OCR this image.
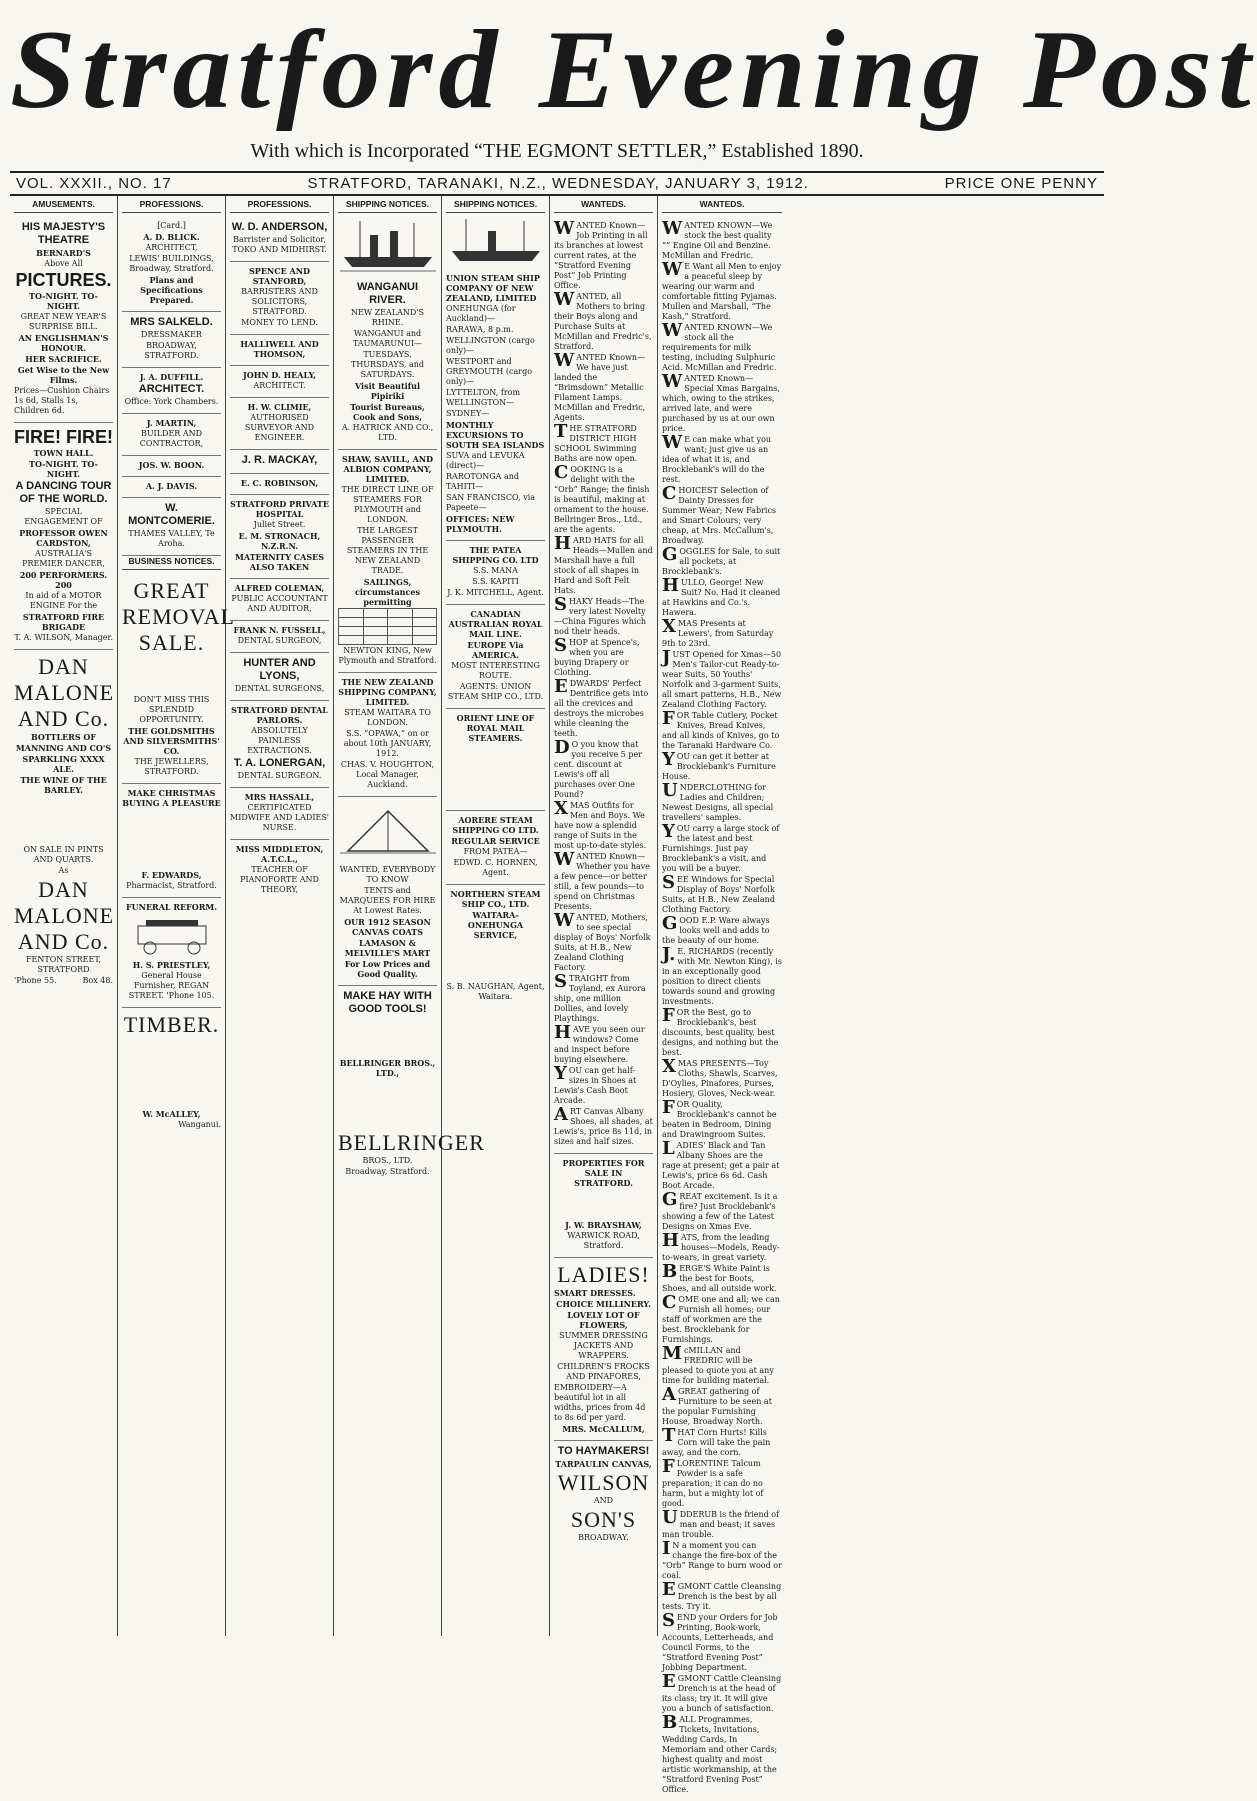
Stratford Evening Post
With which is Incorporated “THE EGMONT SETTLER,” Established 1890.
VOL. XXXII., NO. 17	STRATFORD, TARANAKI, N.Z., WEDNESDAY, JANUARY 3, 1912.	PRICE ONE PENNY
AMUSEMENTS.

HIS MAJESTY'S THEATRE

BERNARD'S

Above All

PICTURES.

TO-NIGHT. TO-NIGHT.

GREAT NEW YEAR'S SURPRISE BILL.

AN ENGLISHMAN'S HONOUR.

HER SACRIFICE.

Get Wise to the New Films.

Prices—Cushion Chairs 1s 6d, Stalls 1s, Children 6d.

FIRE! FIRE!

TOWN HALL.

TO-NIGHT. TO-NIGHT.

A DANCING TOUR OF THE WORLD.

SPECIAL ENGAGEMENT OF

PROFESSOR OWEN CARDSTON,

AUSTRALIA'S PREMIER DANCER,

200 PERFORMERS. 200

In aid of a MOTOR ENGINE For the

STRATFORD FIRE BRIGADE

T. A. WILSON, Manager.

DAN

MALONE

AND Co.

BOTTLERS OF

MANNING AND CO'S

SPARKLING XXXX ALE.

THE WINE OF THE BARLEY.

ON SALE IN PINTS AND QUARTS.

As

DAN

MALONE

AND Co.

FENTON STREET, STRATFORD

'Phone 55.	Box 48.
PROFESSIONS.

[Card.]

A. D. BLICK.

ARCHITECT,

LEWIS' BUILDINGS, Broadway, Stratford.

Plans and Specifications Prepared.

MRS SALKELD.

DRESSMAKER

BROADWAY, STRATFORD.

J. A. DUFFILL.

ARCHITECT.

Office: York Chambers.

J. MARTIN,

BUILDER AND CONTRACTOR,

JOS. W. BOON.

A. J. DAVIS.

W. MONTCOMERIE.

THAMES VALLEY, Te Aroha.

BUSINESS NOTICES.

GREAT

REMOVAL

SALE.

DON'T MISS THIS SPLENDID OPPORTUNITY.

THE GOLDSMITHS AND SILVERSMITHS' CO.

THE JEWELLERS, STRATFORD.

MAKE CHRISTMAS BUYING A PLEASURE

F. EDWARDS,

Pharmacist, Stratford.

FUNERAL REFORM.

H. S. PRIESTLEY,

General House Furnisher, REGAN STREET. 'Phone 105.

TIMBER.

W. McALLEY,

Wanganui.

PROFESSIONS.

W. D. ANDERSON,

Barrister and Solicitor, TOKO AND MIDHIRST.

SPENCE AND STANFORD,

BARRISTERS AND SOLICITORS, STRATFORD.

MONEY TO LEND.

HALLIWELL AND THOMSON,

JOHN D. HEALY,

ARCHITECT.

H. W. CLIMIE,

AUTHORISED SURVEYOR AND ENGINEER.

J. R. MACKAY,

E. C. ROBINSON,

STRATFORD PRIVATE HOSPITAL

Juliet Street.

E. M. STRONACH, N.Z.R.N.

MATERNITY CASES ALSO TAKEN

ALFRED COLEMAN,

PUBLIC ACCOUNTANT AND AUDITOR,

FRANK N. FUSSELL,

DENTAL SURGEON,

HUNTER AND LYONS,

DENTAL SURGEONS,

STRATFORD DENTAL PARLORS.

ABSOLUTELY PAINLESS EXTRACTIONS.

T. A. LONERGAN,

DENTAL SURGEON.

MRS HASSALL,

CERTIFICATED MIDWIFE AND LADIES' NURSE.

MISS MIDDLETON, A.T.C.L.,

TEACHER OF PIANOFORTE AND THEORY,

SHIPPING NOTICES.

WANGANUI RIVER.

NEW ZEALAND'S RHINE.

WANGANUI and TAUMARUNUI—

TUESDAYS, THURSDAYS, and SATURDAYS.

Visit Beautiful Pipiriki

Tourist Bureaus, Cook and Sons,

A. HATRICK AND CO., LTD.

SHAW, SAVILL, AND ALBION COMPANY, LIMITED.

THE DIRECT LINE OF STEAMERS FOR PLYMOUTH and LONDON.

THE LARGEST PASSENGER STEAMERS IN THE NEW ZEALAND TRADE.

SAILINGS, circumstances permitting

NEWTON KING, New Plymouth and Stratford.

THE NEW ZEALAND SHIPPING COMPANY, LIMITED.

STEAM WAITARA TO LONDON.

S.S. “OPAWA,” on or about 10th JANUARY, 1912.

CHAS. V. HOUGHTON, Local Manager, Auckland.

WANTED, EVERYBODY TO KNOW

TENTS and MARQUEES FOR HIRE At Lowest Rates.

OUR 1912 SEASON CANVAS COATS

LAMASON & MELVILLE'S MART

For Low Prices and Good Quality.

MAKE HAY WITH GOOD TOOLS!

BELLRINGER BROS., LTD.,

BELLRINGER

BROS., LTD.

Broadway, Stratford.

SHIPPING NOTICES.

UNION STEAM SHIP COMPANY OF NEW ZEALAND, LIMITED

ONEHUNGA (for Auckland)—

RARAWA, 8 p.m.

WELLINGTON (cargo only)—

WESTPORT and GREYMOUTH (cargo only)—

LYTTELTON, from WELLINGTON—

SYDNEY—

MONTHLY EXCURSIONS TO SOUTH SEA ISLANDS

SUVA and LEVUKA (direct)—

RAROTONGA and TAHITI—

SAN FRANCISCO, via Papeete—

OFFICES: NEW PLYMOUTH.

THE PATEA SHIPPING CO. LTD

S.S. MANA

S.S. KAPITI

J. K. MITCHELL, Agent.

CANADIAN AUSTRALIAN ROYAL MAIL LINE.

EUROPE Via AMERICA.

MOST INTERESTING ROUTE.

AGENTS: UNION STEAM SHIP CO., LTD.

ORIENT LINE OF ROYAL MAIL STEAMERS.

AORERE STEAM SHIPPING CO LTD.

REGULAR SERVICE

FROM PATEA—

EDWD. C. HORNEN, Agent.

NORTHERN STEAM SHIP CO., LTD.

WAITARA-ONEHUNGA SERVICE,

S. B. NAUGHAN, Agent, Waitara.

WANTEDS.

WANTED Known—Job Printing in all its branches at lowest current rates, at the “Stratford Evening Post” Job Printing Office.

WANTED, all Mothers to bring their Boys along and Purchase Suits at McMillan and Fredric's, Stratford.

WANTED Known—We have just landed the “Brimsdown” Metallic Filament Lamps. McMillan and Fredric, Agents.

THE STRATFORD DISTRICT HIGH SCHOOL Swimming Baths are now open.

COOKING is a delight with the “Orb” Range; the finish is beautiful, making at ornament to the house. Bellringer Bros., Ltd., are the agents.

HARD HATS for all Heads—Mullen and Marshall have a full stock of all shapes in Hard and Soft Felt Hats.

SHAKY Heads—The very latest Novelty—China Figures which nod their heads.

SHOP at Spence's, when you are buying Drapery or Clothing.

EDWARDS' Perfect Dentrifice gets into all the crevices and destroys the microbes while cleaning the teeth.

DO you know that you receive 5 per cent. discount at Lewis's off all purchases over One Pound?

XMAS Outfits for Men and Boys. We have now a splendid range of Suits in the most up-to-date styles.

WANTED Known—Whether you have a few pence—or better still, a few pounds—to spend on Christmas Presents.

WANTED, Mothers, to see special display of Boys' Norfolk Suits, at H.B., New Zealand Clothing Factory.

STRAIGHT from Toyland, ex Aurora ship, one million Dollies, and lovely Playthings.

HAVE you seen our windows? Come and inspect before buying elsewhere.

YOU can get half-sizes in Shoes at Lewis's Cash Boot Arcade.

ART Canvas Albany Shoes, all shades, at Lewis's, price 8s 11d, in sizes and half sizes.

PROPERTIES FOR SALE IN STRATFORD.

J. W. BRAYSHAW,

WARWICK ROAD, Stratford.

LADIES!

SMART DRESSES.

CHOICE MILLINERY.

LOVELY LOT OF FLOWERS,

SUMMER DRESSING JACKETS AND WRAPPERS.

CHILDREN'S FROCKS AND PINAFORES,

EMBROIDERY—A beautiful lot in all widths, prices from 4d to 8s 6d per yard.

MRS. McCALLUM,

TO HAYMAKERS!

TARPAULIN CANVAS,

WILSON

AND

SON'S

BROADWAY.

WANTEDS.

WANTED KNOWN—We stock the best quality “” Engine Oil and Benzine. McMillan and Fredric.

WE Want all Men to enjoy a peaceful sleep by wearing our warm and comfortable fitting Pyjamas. Mullen and Marshall, “The Kash,” Stratford.

WANTED KNOWN—We stock all the requirements for milk testing, including Sulphuric Acid. McMillan and Fredric.

WANTED Known—Special Xmas Bargains, which, owing to the strikes, arrived late, and were purchased by us at our own price.

WE can make what you want; just give us an idea of what it is, and Brocklebank's will do the rest.

CHOICEST Selection of Dainty Dresses for Summer Wear; New Fabrics and Smart Colours; very cheap, at Mrs. McCallum's, Broadway.

GOGGLES for Sale, to suit all pockets, at Brocklebank's.

HULLO, George! New Suit? No. Had it cleaned at Hawkins and Co.'s. Hawera.

XMAS Presents at Lewers', from Saturday 9th to 23rd.

JUST Opened for Xmas—50 Men's Tailor-cut Ready-to-wear Suits, 50 Youths' Norfolk and 3-garment Suits, all smart patterns, H.B., New Zealand Clothing Factory.

FOR Table Cutlery, Pocket Knives, Bread Knives, and all kinds of Knives, go to the Taranaki Hardware Co.

YOU can get it better at Brocklebank's Furniture House.

UNDERCLOTHING for Ladies and Children; Newest Designs, all special travellers' samples.

YOU carry a large stock of the latest and best Furnishings. Just pay Brocklebank's a visit, and you will be a buyer.

SEE Windows for Special Display of Boys' Norfolk Suits, at H.B., New Zealand Clothing Factory.

GOOD E.P. Ware always looks well and adds to the beauty of our home.

J.E. RICHARDS (recently with Mr. Newton King), is in an exceptionally good position to direct clients towards sound and growing investments.

FOR the Best, go to Brocklebank's, best discounts, best quality, best designs, and nothing but the best.

XMAS PRESENTS—Toy Cloths, Shawls, Scarves, D'Oylies, Pinafores, Purses, Hosiery, Gloves, Neck-wear.

FOR Quality, Brocklebank's cannot be beaten in Bedroom, Dining and Drawingroom Suites.

LADIES' Black and Tan Albany Shoes are the rage at present; get a pair at Lewis's, price 6s 6d. Cash Boot Arcade.

GREAT excitement. Is it a fire? Just Brocklebank's showing a few of the Latest Designs on Xmas Eve.

HATS, from the leading houses—Models, Ready-to-wears, in great variety.

BERGE'S White Paint is the best for Boots, Shoes, and all outside work.

COME one and all; we can Furnish all homes; our staff of workmen are the best. Brocklebank for Furnishings.

McMILLAN and FREDRIC will be pleased to quote you at any time for building material.

AGREAT gathering of Furniture to be seen at the popular Furnishing House, Broadway North.

THAT Corn Hurts! Kills Corn will take the pain away, and the corn.

FLORENTINE Talcum Powder is a safe preparation; it can do no harm, but a mighty lot of good.

UDDERUB is the friend of man and beast; it saves man trouble.

IN a moment you can change the fire-box of the “Orb” Range to burn wood or coal.

EGMONT Cattle Cleansing Drench is the best by all tests. Try it.

SEND your Orders for Job Printing, Book-work, Accounts, Letterheads, and Council Forms, to the “Stratford Evening Post” Jobbing Department.

EGMONT Cattle Cleansing Drench is at the head of its class; try it. It will give you a bunch of satisfaction.

BALL Programmes, Tickets, Invitations, Wedding Cards, In Memoriam and other Cards; highest quality and most artistic workmanship, at the “Stratford Evening Post” Office.
